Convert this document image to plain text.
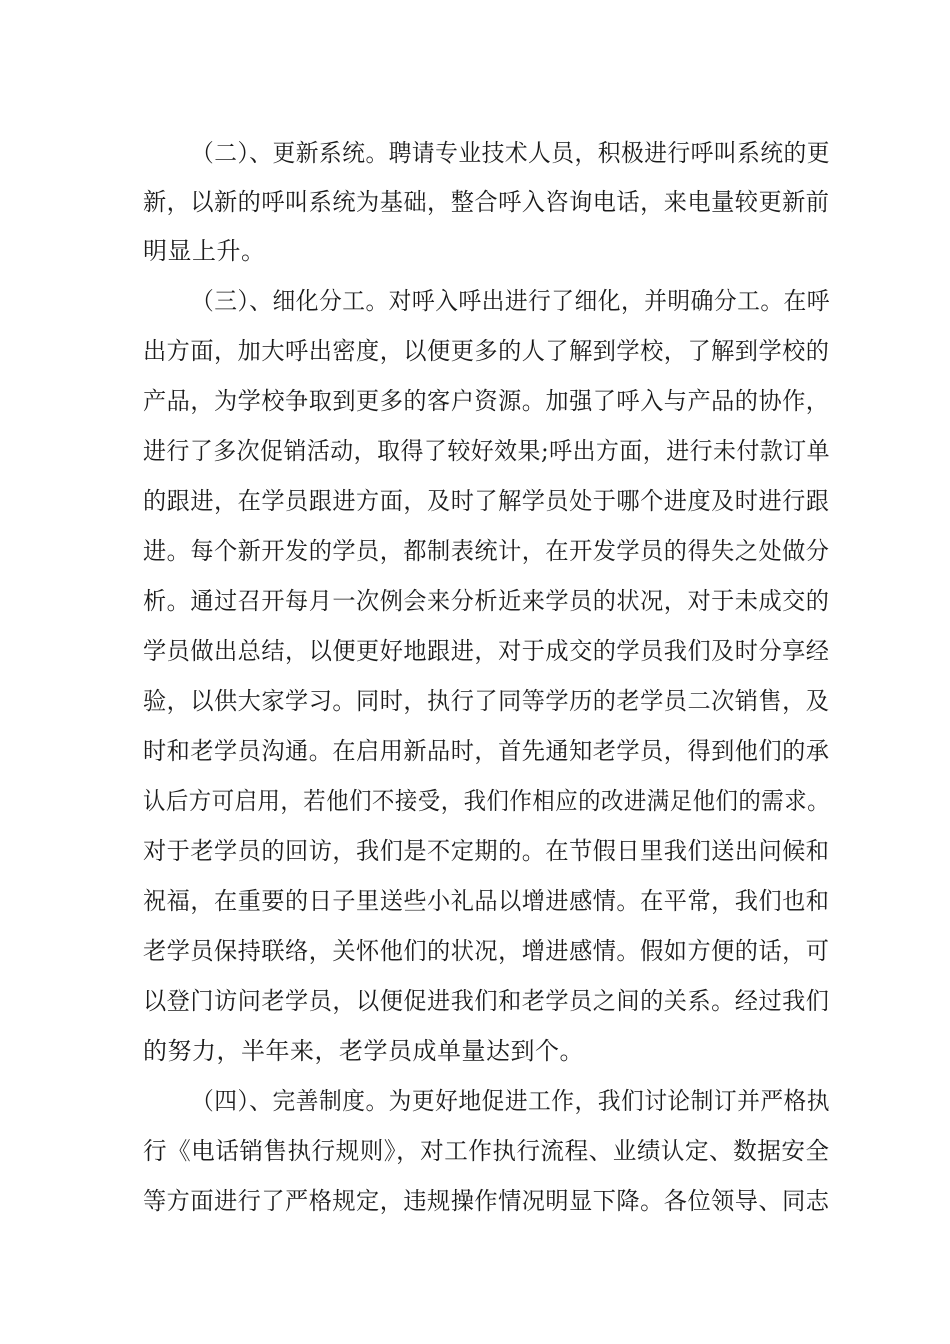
（二）、更新系统。聘请专业技术人员，积极进行呼叫系统的更
新，以新的呼叫系统为基础，整合呼入咨询电话，来电量较更新前
明显上升。
（三）、细化分工。对呼入呼出进行了细化，并明确分工。在呼
出方面，加大呼出密度，以便更多的人了解到学校，了解到学校的
产品，为学校争取到更多的客户资源。加强了呼入与产品的协作，
进行了多次促销活动，取得了较好效果;呼出方面，进行未付款订单
的跟进，在学员跟进方面，及时了解学员处于哪个进度及时进行跟
进。每个新开发的学员，都制表统计，在开发学员的得失之处做分
析。通过召开每月一次例会来分析近来学员的状况，对于未成交的
学员做出总结，以便更好地跟进，对于成交的学员我们及时分享经
验，以供大家学习。同时，执行了同等学历的老学员二次销售，及
时和老学员沟通。在启用新品时，首先通知老学员，得到他们的承
认后方可启用，若他们不接受，我们作相应的改进满足他们的需求。
对于老学员的回访，我们是不定期的。在节假日里我们送出问候和
祝福，在重要的日子里送些小礼品以增进感情。在平常，我们也和
老学员保持联络，关怀他们的状况，增进感情。假如方便的话，可
以登门访问老学员，以便促进我们和老学员之间的关系。经过我们
的努力，半年来，老学员成单量达到个。
（四）、完善制度。为更好地促进工作，我们讨论制订并严格执
行《电话销售执行规则》，对工作执行流程、业绩认定、数据安全
等方面进行了严格规定，违规操作情况明显下降。各位领导、同志
